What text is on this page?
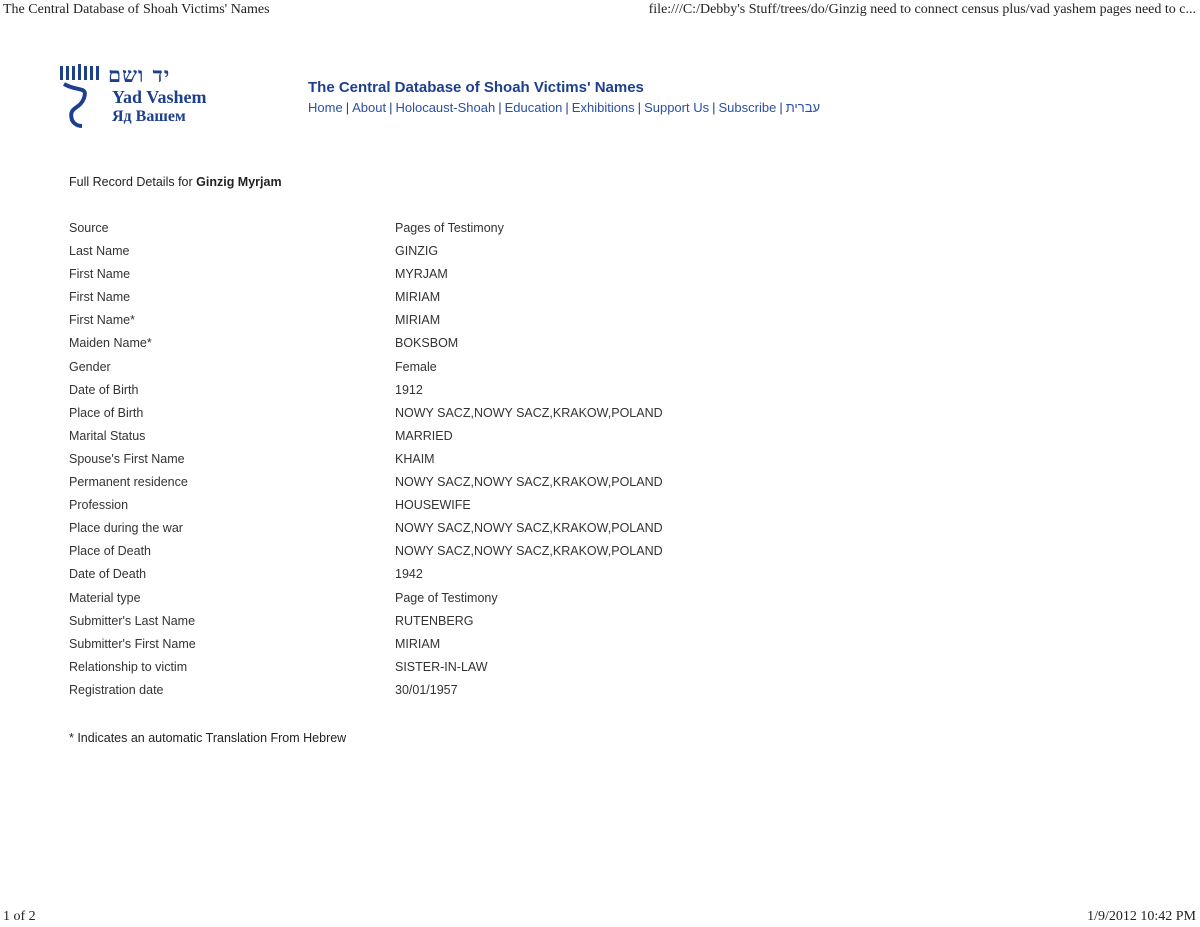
The Central Database of Shoah Victims' Names	file:///C:/Debby's Stuff/trees/do/Ginzig need to connect census plus/vad yashem pages need to c...
יד ושם
Yad Vashem
Яд Вашем
The Central Database of Shoah Victims' Names
Home | About | Holocaust-Shoah | Education | Exhibitions | Support Us | Subscribe | עברית
Full Record Details for Ginzig Myrjam
Source	Pages of Testimony
Last Name	GINZIG
First Name	MYRJAM
First Name	MIRIAM
First Name*	MIRIAM
Maiden Name*	BOKSBOM
Gender	Female
Date of Birth	1912
Place of Birth	NOWY SACZ,NOWY SACZ,KRAKOW,POLAND
Marital Status	MARRIED
Spouse's First Name	KHAIM
Permanent residence	NOWY SACZ,NOWY SACZ,KRAKOW,POLAND
Profession	HOUSEWIFE
Place during the war	NOWY SACZ,NOWY SACZ,KRAKOW,POLAND
Place of Death	NOWY SACZ,NOWY SACZ,KRAKOW,POLAND
Date of Death	1942
Material type	Page of Testimony
Submitter's Last Name	RUTENBERG
Submitter's First Name	MIRIAM
Relationship to victim	SISTER-IN-LAW
Registration date	30/01/1957
* Indicates an automatic Translation From Hebrew
1 of 2	1/9/2012 10:42 PM
